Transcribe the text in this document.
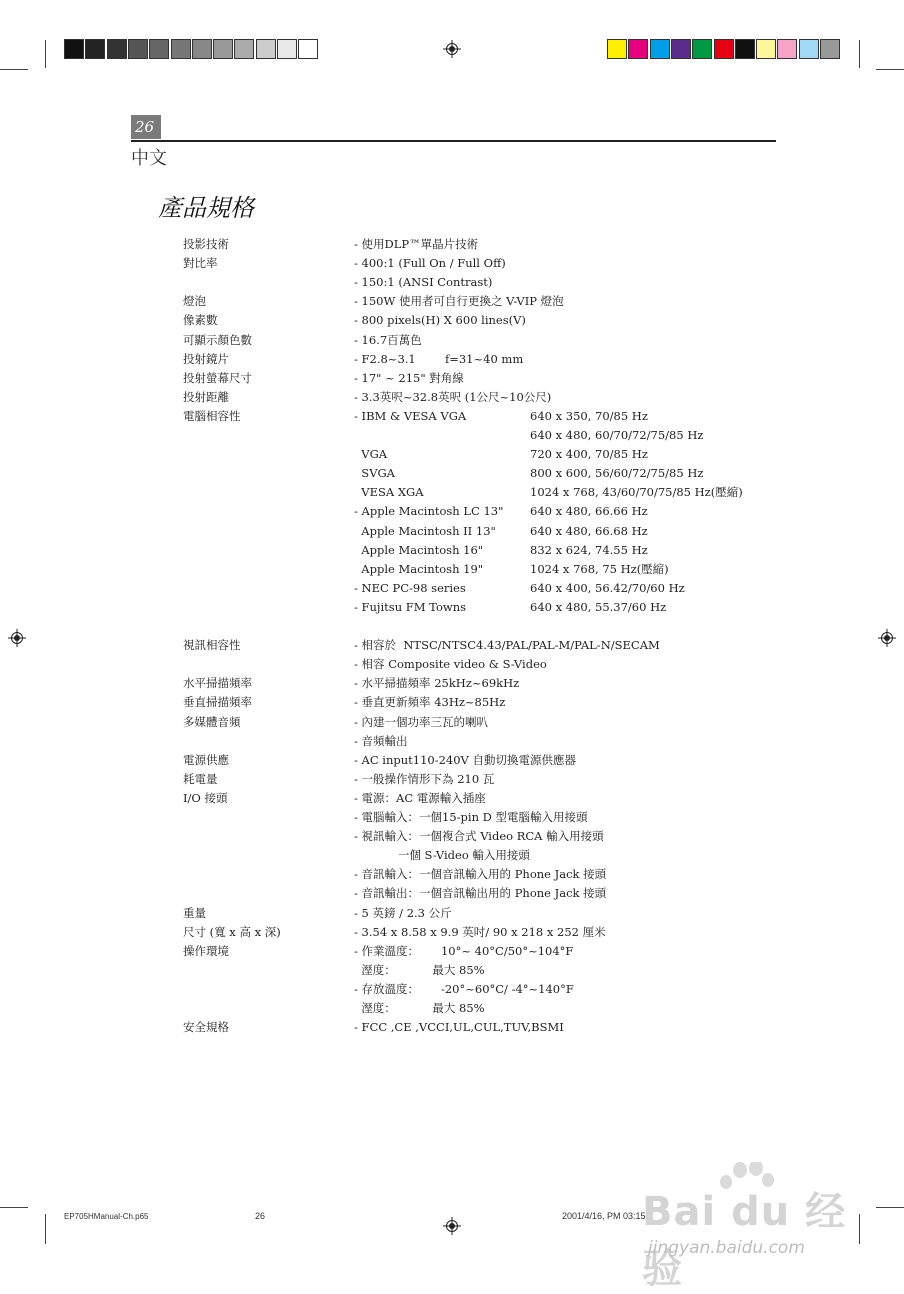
26
中文
產品規格
投影技術	- 使用DLP™單晶片技術
對比率	- 400:1 (Full On / Full Off)
- 150:1 (ANSI Contrast)
燈泡	- 150W 使用者可自行更換之 V-VIP 燈泡
像素數	- 800 pixels(H) X 600 lines(V)
可顯示顏色數	- 16.7百萬色
投射鏡片	- F2.8~3.1        f=31~40 mm
投射螢幕尺寸	- 17" ~ 215" 對角線
投射距離	- 3.3英呎~32.8英呎 (1公尺~10公尺)
電腦相容性	- IBM & VESA VGA	640 x 350, 70/85 Hz
640 x 480, 60/70/72/75/85 Hz
VGA	720 x 400, 70/85 Hz
SVGA	800 x 600, 56/60/72/75/85 Hz
VESA XGA	1024 x 768, 43/60/70/75/85 Hz(壓縮)
- Apple Macintosh LC 13" 640 x 480, 66.66 Hz
Apple Macintosh II 13"	640 x 480, 66.68 Hz
Apple Macintosh 16"	832 x 624, 74.55 Hz
Apple Macintosh 19"	1024 x 768, 75 Hz(壓縮)
- NEC PC-98 series	640 x 400, 56.42/70/60 Hz
- Fujitsu FM Towns	640 x 480, 55.37/60 Hz
視訊相容性	- 相容於  NTSC/NTSC4.43/PAL/PAL-M/PAL-N/SECAM
- 相容 Composite video & S-Video
水平掃描頻率	- 水平掃描頻率 25kHz~69kHz
垂直掃描頻率	- 垂直更新頻率 43Hz~85Hz
多媒體音頻	- 內建一個功率三瓦的喇叭
- 音頻輸出
電源供應	- AC input110-240V 自動切換電源供應器
耗電量	- 一般操作情形下為 210 瓦
I/O 接頭	- 電源：AC 電源輸入插座
- 電腦輸入：一個15-pin D 型電腦輸入用接頭
- 視訊輸入：一個複合式 Video RCA 輸入用接頭
一個 S-Video 輸入用接頭
- 音訊輸入：一個音訊輸入用的 Phone Jack 接頭
- 音訊輸出：一個音訊輸出用的 Phone Jack 接頭
重量	- 5 英鎊 / 2.3 公斤
尺寸 (寬 x 高 x 深)	- 3.54 x 8.58 x 9.9 英吋/ 90 x 218 x 252 厘米
操作環境	- 作業溫度：      10°~ 40°C/50°~104°F
溼度：          最大 85%
- 存放溫度：      -20°~60°C/ -4°~140°F
溼度：          最大 85%
安全規格	- FCC ,CE ,VCCI,UL,CUL,TUV,BSMI
EP705HManual-Ch.p65	26	2001/4/16, PM 03:15
Bai du 经验
jingyan.baidu.com
